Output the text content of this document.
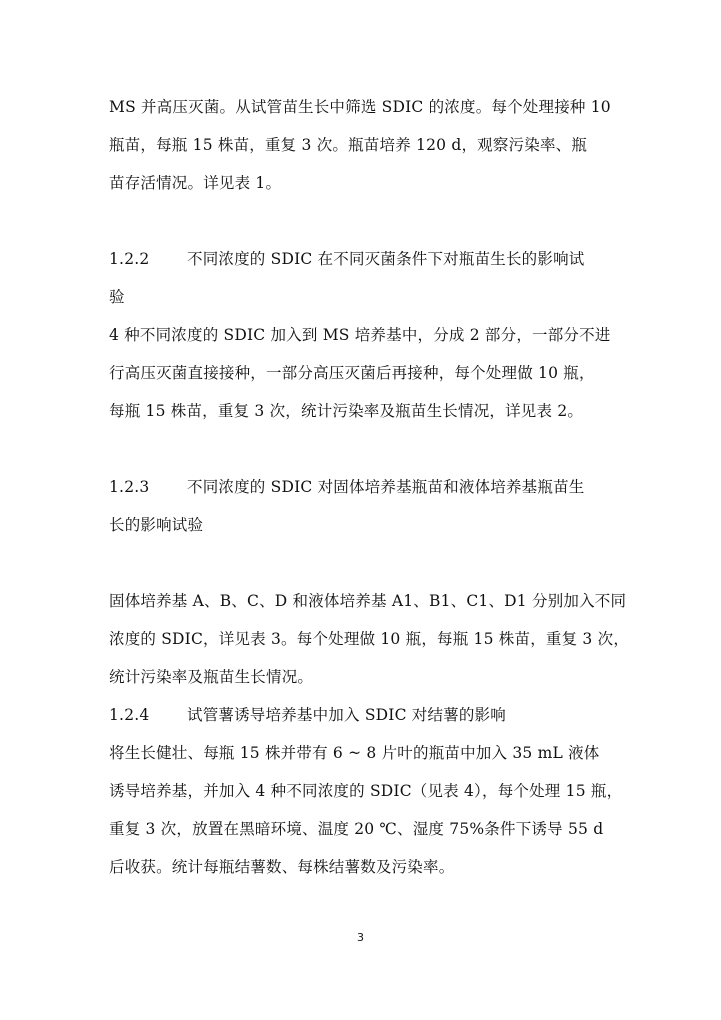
MS 并高压灭菌。从试管苗生长中筛选 SDIC 的浓度。每个处理接种 10
瓶苗，每瓶 15 株苗，重复 3 次。瓶苗培养 120 d，观察污染率、瓶
苗存活情况。详见表 1。
1.2.2	不同浓度的 SDIC 在不同灭菌条件下对瓶苗生长的影响试
验
4 种不同浓度的 SDIC 加入到 MS 培养基中，分成 2 部分，一部分不进
行高压灭菌直接接种，一部分高压灭菌后再接种，每个处理做 10 瓶，
每瓶 15 株苗，重复 3 次，统计污染率及瓶苗生长情况，详见表 2。
1.2.3	不同浓度的 SDIC 对固体培养基瓶苗和液体培养基瓶苗生
长的影响试验
固体培养基 A、B、C、D 和液体培养基 A1、B1、C1、D1 分别加入不同
浓度的 SDIC，详见表 3。每个处理做 10 瓶，每瓶 15 株苗，重复 3 次，
统计污染率及瓶苗生长情况。
1.2.4	试管薯诱导培养基中加入 SDIC 对结薯的影响
将生长健壮、每瓶 15 株并带有 6 ~ 8 片叶的瓶苗中加入 35 mL 液体
诱导培养基，并加入 4 种不同浓度的 SDIC（见表 4），每个处理 15 瓶，
重复 3 次，放置在黑暗环境、温度 20 ℃、湿度 75%条件下诱导 55 d
后收获。统计每瓶结薯数、每株结薯数及污染率。
3
